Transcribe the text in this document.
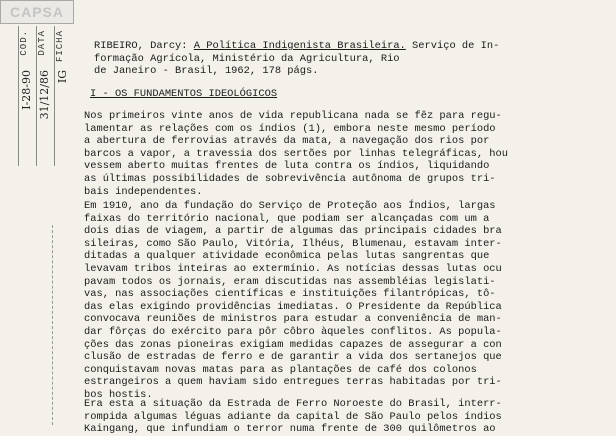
CAPSA
COD.
I-28-90
DATA
31/12/86
FICHA
IG
RIBEIRO, Darcy: A Política Indigenista Brasileira. Serviço de In-
formação Agrícola, Ministério da Agricultura, Rio
de Janeiro - Brasil, 1962, 178 págs.
I - OS FUNDAMENTOS IDEOLÓGICOS
Nos primeiros vinte anos de vida republicana nada se fêz para regu-
lamentar as relações com os índios (1), embora neste mesmo período
a abertura de ferrovias através da mata, a navegação dos rios por
barcos a vapor, a travessia dos sertões por linhas telegráficas, hou
vessem aberto muitas frentes de luta contra os índios, liquidando
as últimas possibilidades de sobrevivência autônoma de grupos tri-
bais independentes.
Em 1910, ano da fundação do Serviço de Proteção aos Índios, largas
faixas do território nacional, que podiam ser alcançadas com um a
dois dias de viagem, a partir de algumas das principais cidades bra
sileiras, como São Paulo, Vitória, Ilhéus, Blumenau, estavam inter-
ditadas a qualquer atividade econômica pelas lutas sangrentas que
levavam tribos inteiras ao extermínio. As notícias dessas lutas ocu
pavam todos os jornais, eram discutidas nas assembléias legislati-
vas, nas associações científicas e instituições filantrópicas, tô-
das elas exigindo providências imediatas. O Presidente da República
convocava reuniões de ministros para estudar a conveniência de man-
dar fôrças do exército para pôr côbro àqueles conflitos. As popula-
ções das zonas pioneiras exigiam medidas capazes de assegurar a con
clusão de estradas de ferro e de garantir a vida dos sertanejos que
conquistavam novas matas para as plantações de café dos colonos
estrangeiros a quem haviam sido entregues terras habitadas por tri-
bos hostis.
Era esta a situação da Estrada de Ferro Noroeste do Brasil, interr-
rompida algumas léguas adiante da capital de São Paulo pelos índios
Kaingang, que infundiam o terror numa frente de 300 quilômetros ao
